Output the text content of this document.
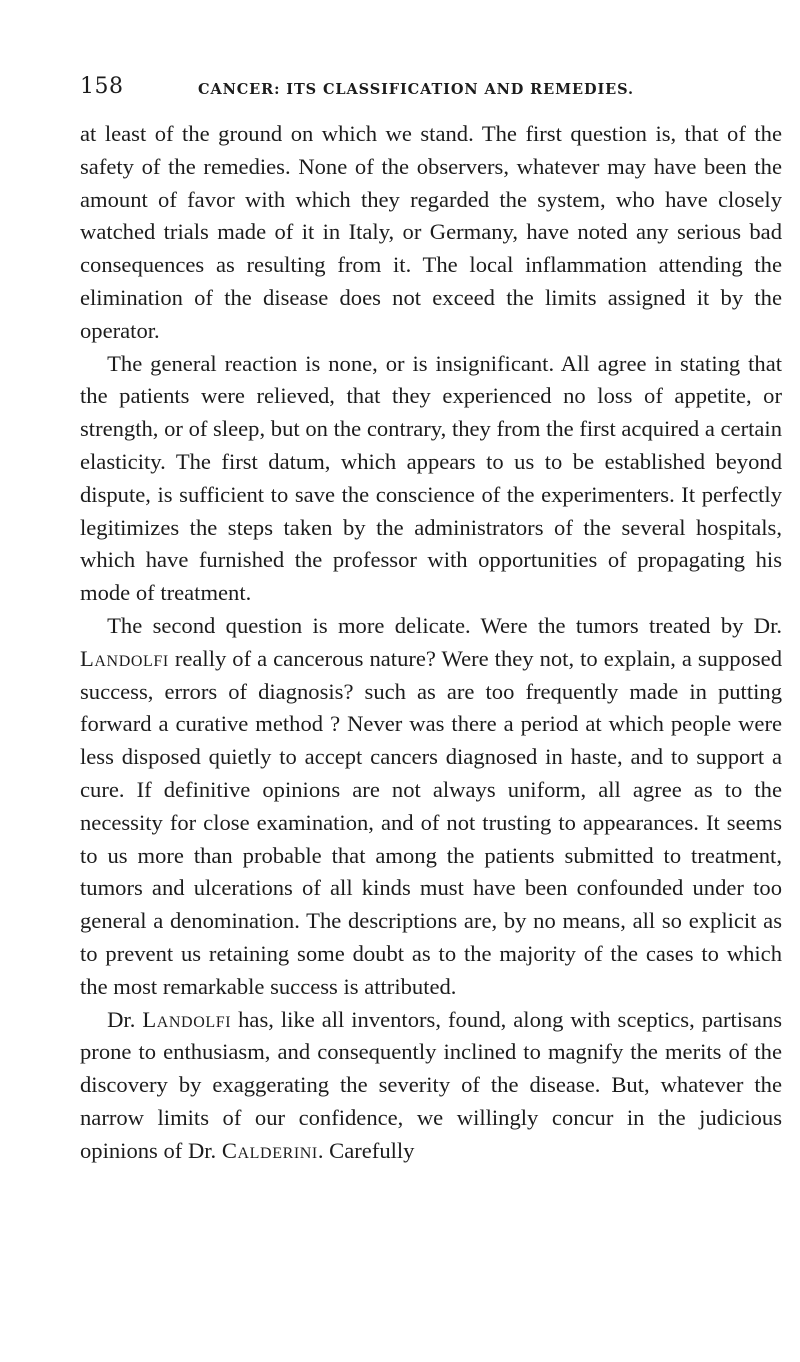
158	CANCER: ITS CLASSIFICATION AND REMEDIES.

at least of the ground on which we stand. The first question is, that of the safety of the remedies. None of the observers, whatever may have been the amount of favor with which they regarded the system, who have closely watched trials made of it in Italy, or Germany, have noted any serious bad consequences as resulting from it. The local inflammation attending the elimination of the disease does not exceed the limits assigned it by the operator.

The general reaction is none, or is insignificant. All agree in stating that the patients were relieved, that they experienced no loss of appetite, or strength, or of sleep, but on the contrary, they from the first acquired a certain elasticity. The first datum, which appears to us to be established beyond dispute, is sufficient to save the conscience of the experimenters. It perfectly legitimizes the steps taken by the administrators of the several hospitals, which have furnished the professor with opportunities of propagating his mode of treatment.

The second question is more delicate. Were the tumors treated by Dr. Landolfi really of a cancerous nature? Were they not, to explain, a supposed success, errors of diagnosis? such as are too frequently made in putting forward a curative method ? Never was there a period at which people were less disposed quietly to accept cancers diagnosed in haste, and to support a cure. If definitive opinions are not always uniform, all agree as to the necessity for close examination, and of not trusting to appearances. It seems to us more than probable that among the patients submitted to treatment, tumors and ulcerations of all kinds must have been confounded under too general a denomination. The descriptions are, by no means, all so explicit as to prevent us retaining some doubt as to the majority of the cases to which the most remarkable success is attributed.

Dr. Landolfi has, like all inventors, found, along with sceptics, partisans prone to enthusiasm, and consequently inclined to magnify the merits of the discovery by exaggerating the severity of the disease. But, whatever the narrow limits of our confidence, we willingly concur in the judicious opinions of Dr. Calderini. Carefully
